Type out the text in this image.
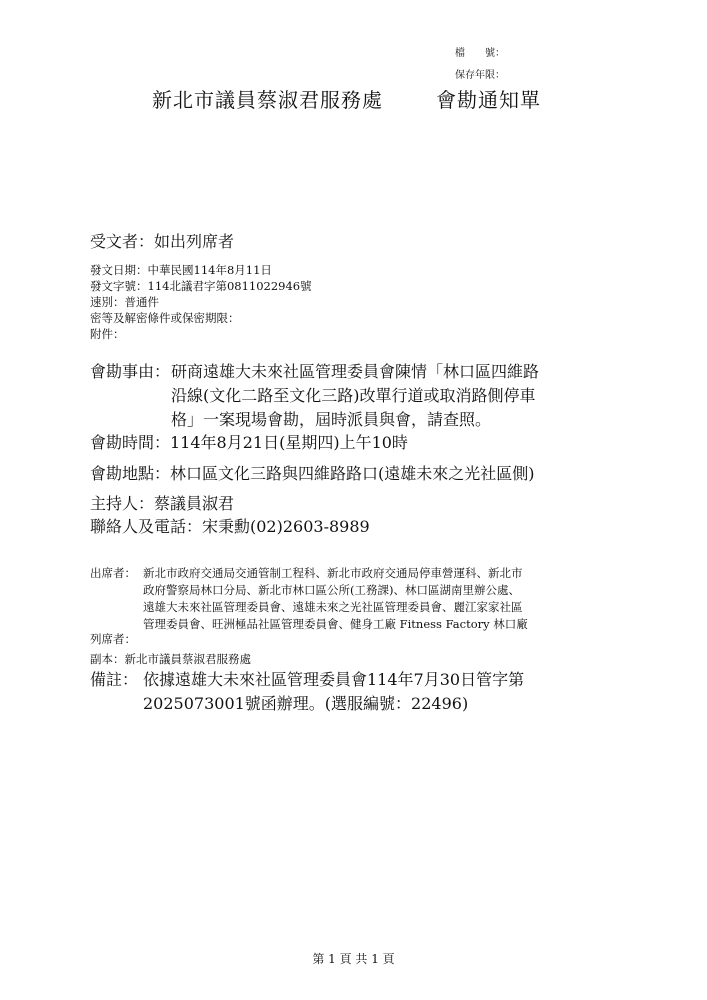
檔　　號：
保存年限：
新北市議員蔡淑君服務處	會勘通知單
受文者：如出列席者
發文日期：中華民國114年8月11日
發文字號：114北議君字第0811022946號
速別：普通件
密等及解密條件或保密期限：
附件：
會勘事由： 研商遠雄大未來社區管理委員會陳情「林口區四維路
沿線(文化二路至文化三路)改單行道或取消路側停車
格」一案現場會勘，屆時派員與會，請查照。
會勘時間：114年8月21日(星期四)上午10時
會勘地點：林口區文化三路與四維路路口(遠雄未來之光社區側)
主持人：蔡議員淑君
聯絡人及電話：宋秉勳(02)2603-8989
出席者： 新北市政府交通局交通管制工程科、新北市政府交通局停車營運科、新北市
政府警察局林口分局、新北市林口區公所(工務課)、林口區湖南里辦公處、
遠雄大未來社區管理委員會、遠雄未來之光社區管理委員會、麗江家家社區
管理委員會、旺洲極品社區管理委員會、健身工廠 Fitness Factory 林口廠
列席者：
副本：新北市議員蔡淑君服務處
備註： 依據遠雄大未來社區管理委員會114年7月30日管字第
2025073001號函辦理。(選服編號：22496)
第 1 頁 共 1 頁
